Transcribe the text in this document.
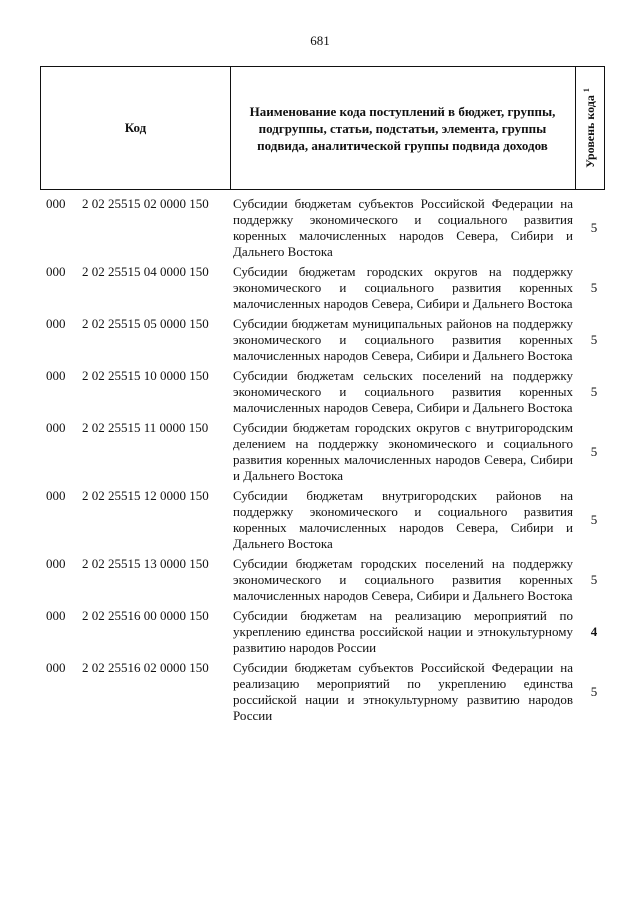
681
Код
Наименование кода поступлений в бюджет, группы, подгруппы, статьи, подстатьи, элемента, группы подвида, аналитической группы подвида доходов	Уровень кода $^1$
000 2 02 25515 02 0000 150 Субсидии бюджетам субъектов Российской Федерации на поддержку экономического и социального развития коренных малочисленных народов Севера, Сибири и Дальнего Востока
5
000 2 02 25515 04 0000 150 Субсидии бюджетам городских округов на поддержку экономического и социального развития коренных малочисленных народов Севера, Сибири и Дальнего Востока
5
000 2 02 25515 05 0000 150 Субсидии бюджетам муниципальных районов на поддержку экономического и социального развития коренных малочисленных народов Севера, Сибири и Дальнего Востока
5
000 2 02 25515 10 0000 150 Субсидии бюджетам сельских поселений на поддержку экономического и социального развития коренных малочисленных народов Севера, Сибири и Дальнего Востока
5
000 2 02 25515 11 0000 150 Субсидии бюджетам городских округов с внутригородским делением на поддержку экономического и социального развития коренных малочисленных народов Севера, Сибири и Дальнего Востока
5
000 2 02 25515 12 0000 150 Субсидии бюджетам внутригородских районов на поддержку экономического и социального развития коренных малочисленных народов Севера, Сибири и Дальнего Востока
5
000 2 02 25515 13 0000 150 Субсидии бюджетам городских поселений на поддержку экономического и социального развития коренных малочисленных народов Севера, Сибири и Дальнего Востока
5
000 2 02 25516 00 0000 150 Субсидии бюджетам на реализацию мероприятий по укреплению единства российской нации и этнокультурному развитию народов России
4
000 2 02 25516 02 0000 150 Субсидии бюджетам субъектов Российской Федерации на реализацию мероприятий по укреплению единства российской нации и этнокультурному развитию народов России
5
